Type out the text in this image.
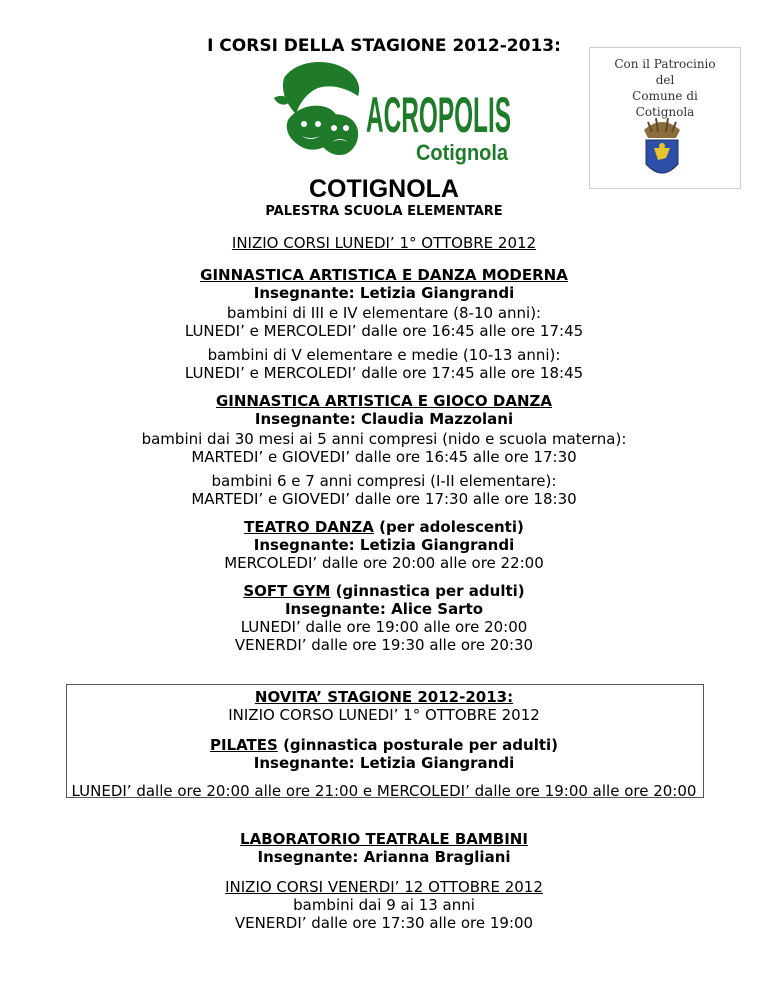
I CORSI DELLA STAGIONE 2012-2013:
ACROPOLIS
Cotignola
Con il Patrocinio
del
Comune di
Cotignola
COTIGNOLA
PALESTRA SCUOLA ELEMENTARE
INIZIO CORSI LUNEDI’ 1° OTTOBRE 2012
GINNASTICA ARTISTICA E DANZA MODERNA
Insegnante: Letizia Giangrandi
bambini di III e IV elementare (8-10 anni):
LUNEDI’ e MERCOLEDI’ dalle ore 16:45 alle ore 17:45
bambini di V elementare e medie (10-13 anni):
LUNEDI’ e MERCOLEDI’ dalle ore 17:45 alle ore 18:45
GINNASTICA ARTISTICA E GIOCO DANZA
Insegnante: Claudia Mazzolani
bambini dai 30 mesi ai 5 anni compresi (nido e scuola materna):
MARTEDI’ e GIOVEDI’ dalle ore 16:45 alle ore 17:30
bambini 6 e 7 anni compresi (I-II elementare):
MARTEDI’ e GIOVEDI’ dalle ore 17:30 alle ore 18:30
TEATRO DANZA (per adolescenti)
Insegnante: Letizia Giangrandi
MERCOLEDI’ dalle ore 20:00 alle ore 22:00
SOFT GYM (ginnastica per adulti)
Insegnante: Alice Sarto
LUNEDI’ dalle ore 19:00 alle ore 20:00
VENERDI’ dalle ore 19:30 alle ore 20:30
NOVITA’ STAGIONE 2012-2013:
INIZIO CORSO LUNEDI’ 1° OTTOBRE 2012
PILATES (ginnastica posturale per adulti)
Insegnante: Letizia Giangrandi
LUNEDI’ dalle ore 20:00 alle ore 21:00 e MERCOLEDI’ dalle ore 19:00 alle ore 20:00
LABORATORIO TEATRALE BAMBINI
Insegnante: Arianna Bragliani
INIZIO CORSI VENERDI’ 12 OTTOBRE 2012
bambini dai 9 ai 13 anni
VENERDI’ dalle ore 17:30 alle ore 19:00
